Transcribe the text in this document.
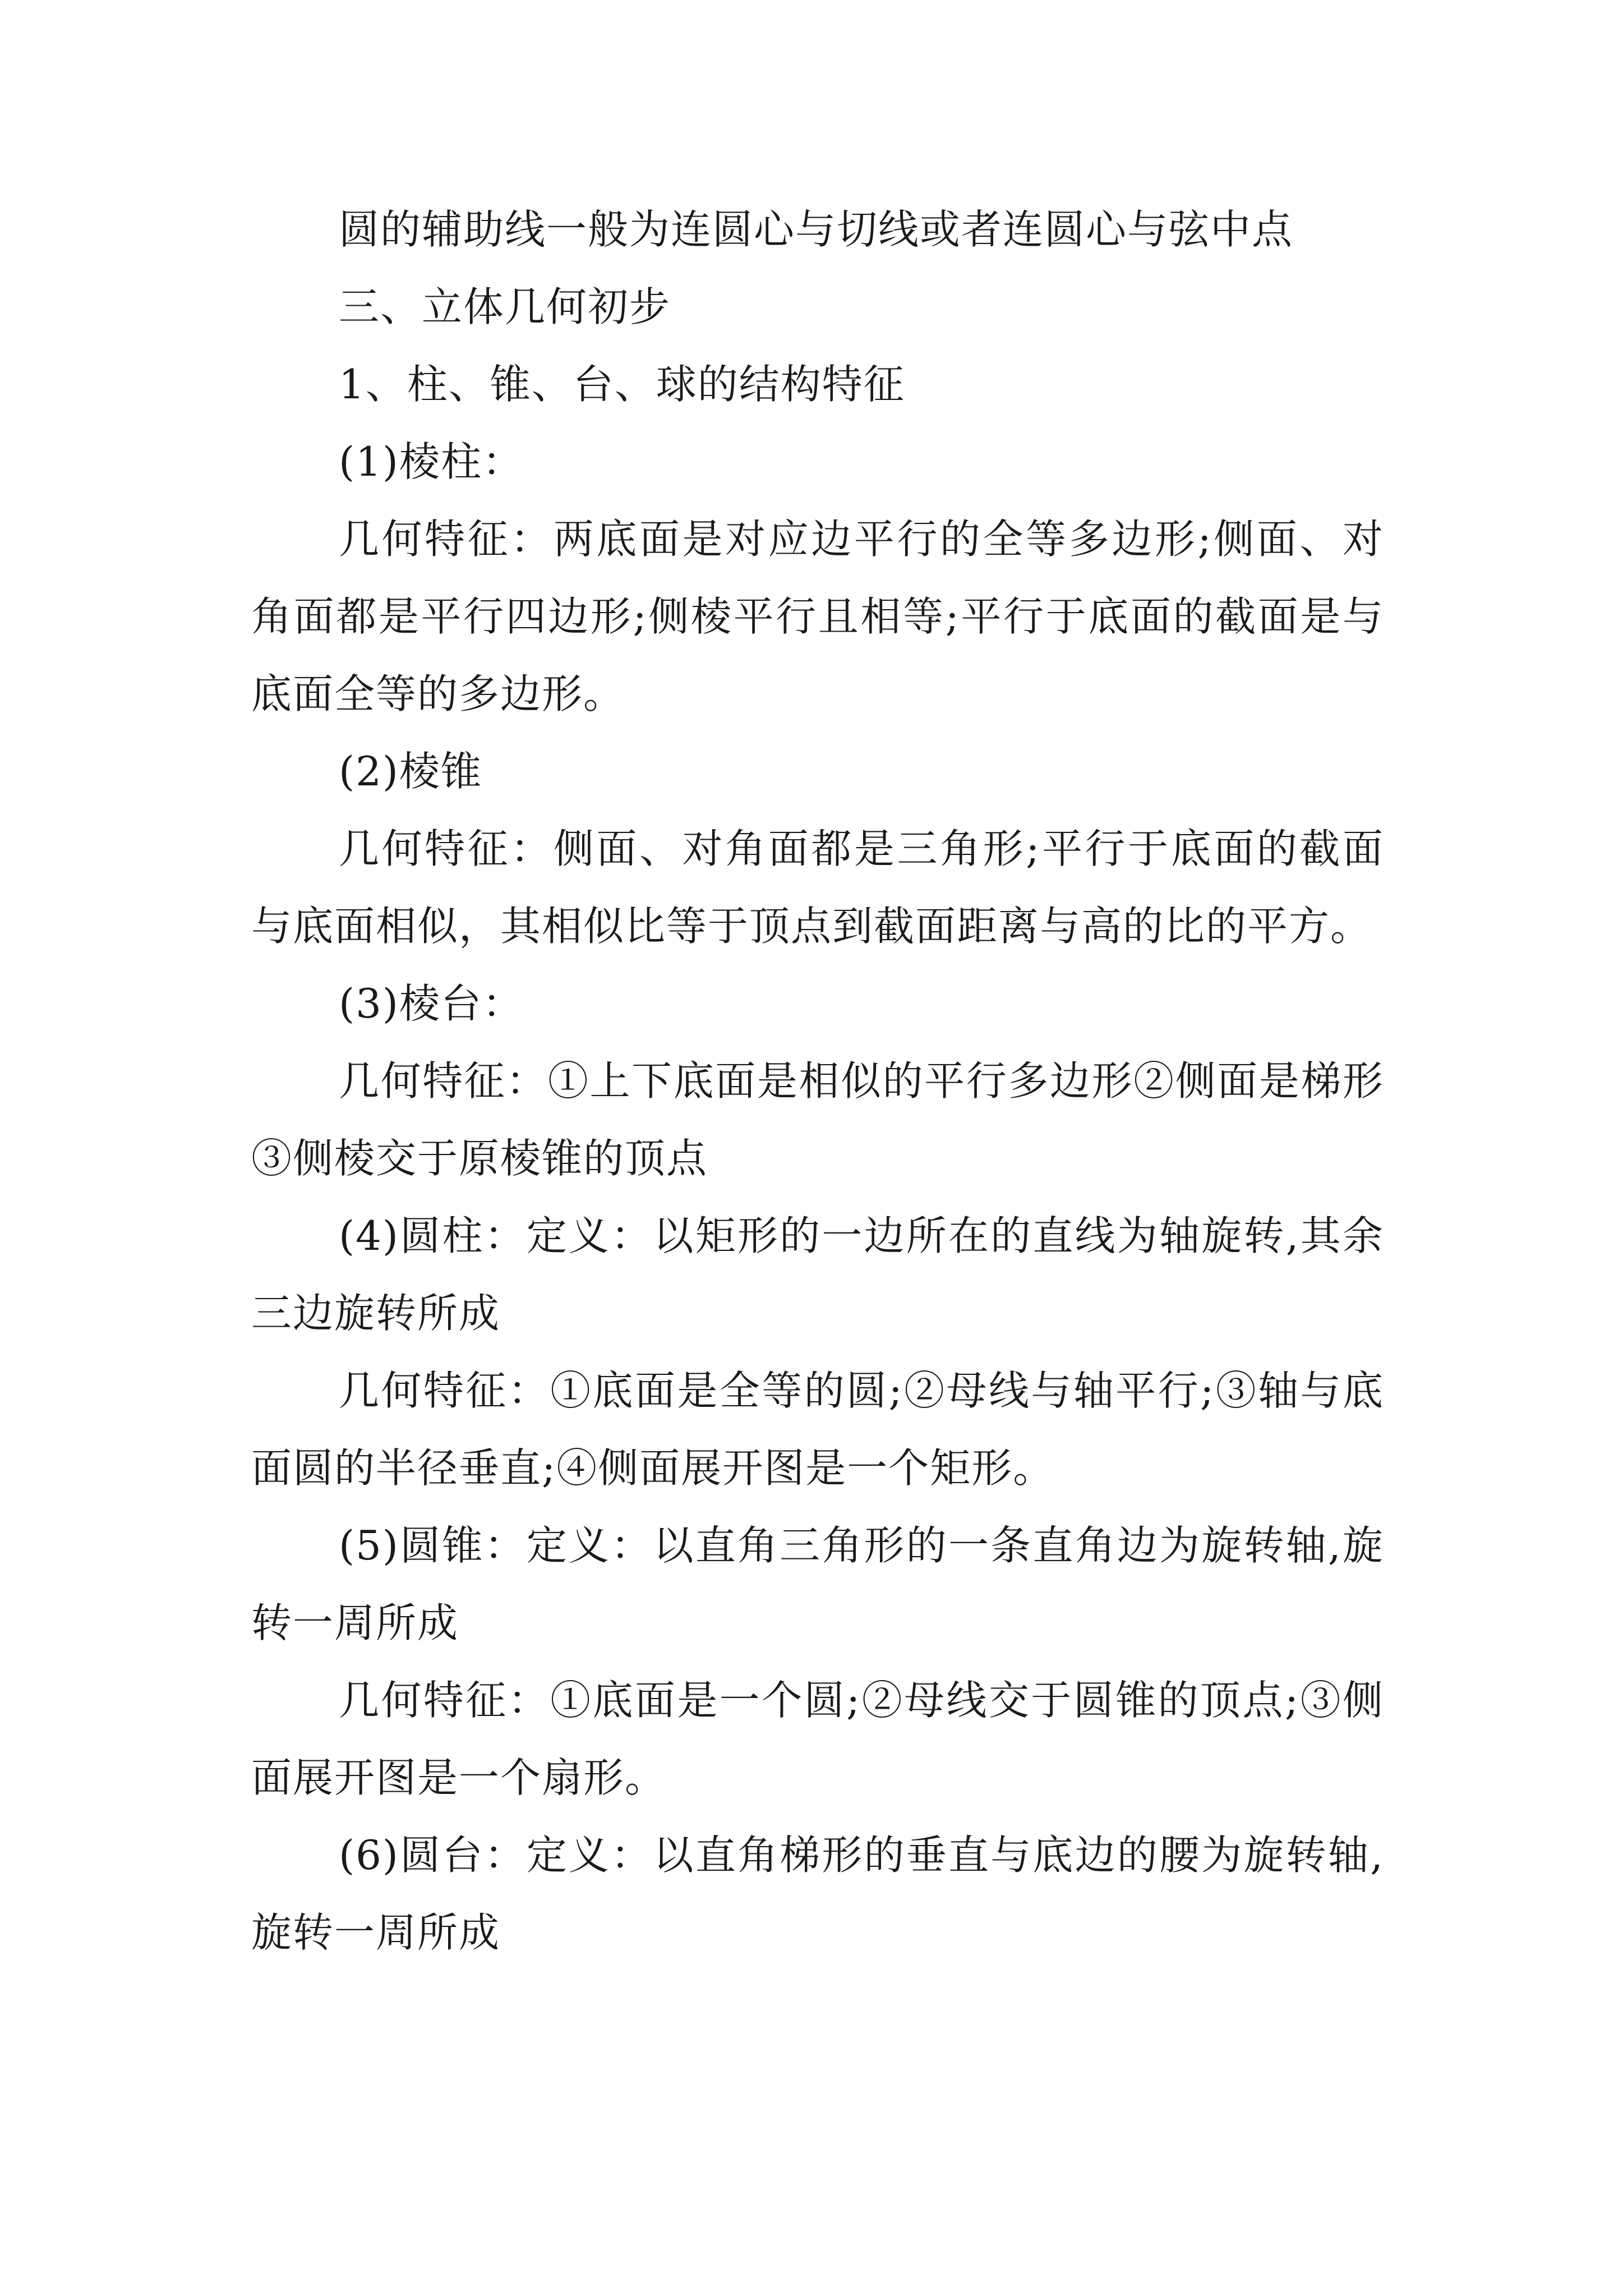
圆的辅助线一般为连圆心与切线或者连圆心与弦中点

三、立体几何初步

1、柱、锥、台、球的结构特征

(1)棱柱：

几何特征：两底面是对应边平行的全等多边形;侧面、对角面都是平行四边形;侧棱平行且相等;平行于底面的截面是与底面全等的多边形。

(2)棱锥

几何特征：侧面、对角面都是三角形;平行于底面的截面与底面相似，其相似比等于顶点到截面距离与高的比的平方。

(3)棱台：

几何特征：①上下底面是相似的平行多边形②侧面是梯形③侧棱交于原棱锥的顶点

(4)圆柱：定义：以矩形的一边所在的直线为轴旋转,其余三边旋转所成

几何特征：①底面是全等的圆;②母线与轴平行;③轴与底面圆的半径垂直;④侧面展开图是一个矩形。

(5)圆锥：定义：以直角三角形的一条直角边为旋转轴,旋转一周所成

几何特征：①底面是一个圆;②母线交于圆锥的顶点;③侧面展开图是一个扇形。

(6)圆台：定义：以直角梯形的垂直与底边的腰为旋转轴,旋转一周所成
